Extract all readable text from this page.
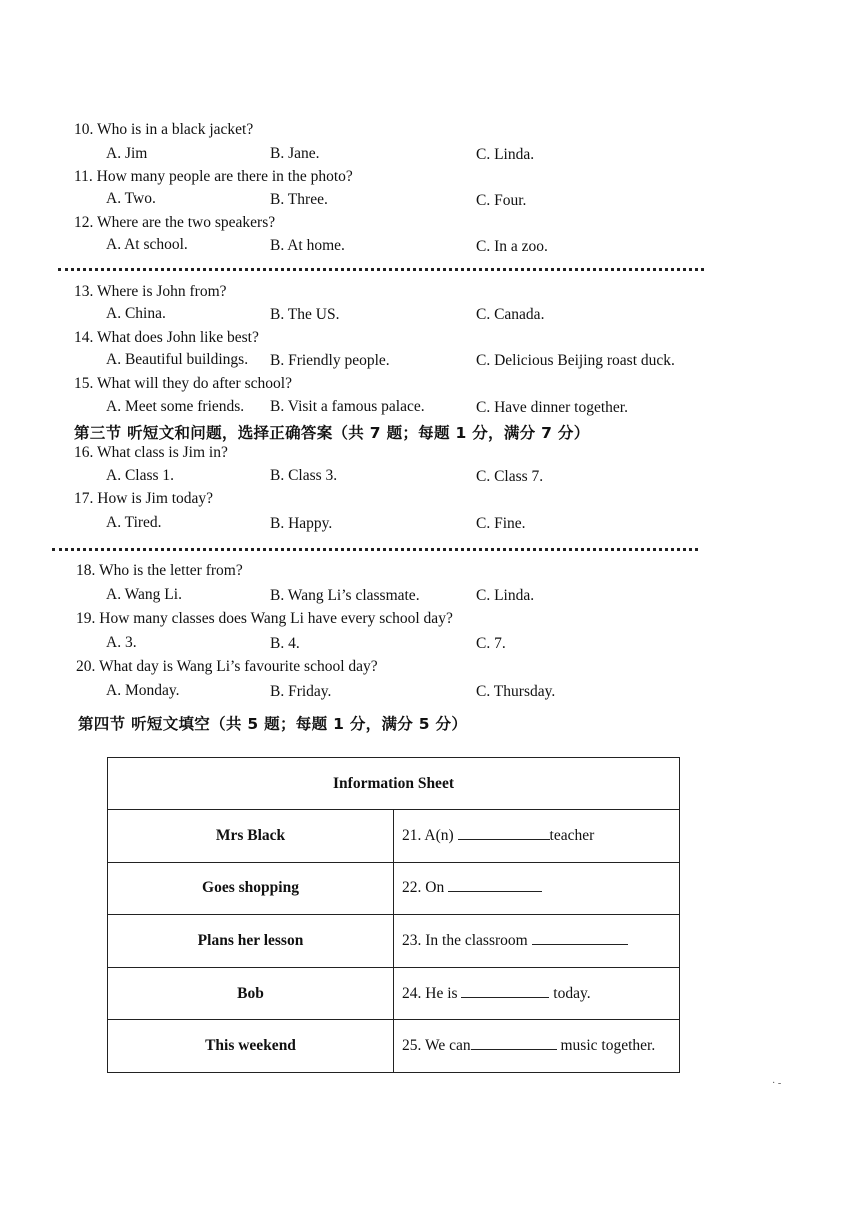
10. Who is in a black jacket?
A. Jim	B. Jane.	C. Linda.
11. How many people are there in the photo?
A. Two.	B. Three.	C. Four.
12. Where are the two speakers?
A. At school.	B. At home.	C. In a zoo.
13. Where is John from?
A. China.	B. The US.	C. Canada.
14. What does John like best?
A. Beautiful buildings. B. Friendly people.	C. Delicious Beijing roast duck.
15. What will they do after school?
A. Meet some friends. B. Visit a famous palace.	C. Have dinner together.
第三节 听短文和问题，选择正确答案（共 7 题；每题 1 分，满分 7 分）
16. What class is Jim in?
A. Class 1.	B. Class 3.	C. Class 7.
17. How is Jim today?
A. Tired.	B. Happy.	C. Fine.
18. Who is the letter from?
A. Wang Li.	B. Wang Li’s classmate.	C. Linda.
19. How many classes does Wang Li have every school day?
A. 3.	B. 4.	C. 7.
20. What day is Wang Li’s favourite school day?
A. Monday.	B. Friday.	C. Thursday.
第四节 听短文填空（共 5 题；每题 1 分，满分 5 分）
Information Sheet	
Mrs Black	21. A(n) teacher
Goes shopping	22. On
Plans her lesson	23. In the classroom
Bob	24. He is today.
This weekend	25. We can music together.
· -
